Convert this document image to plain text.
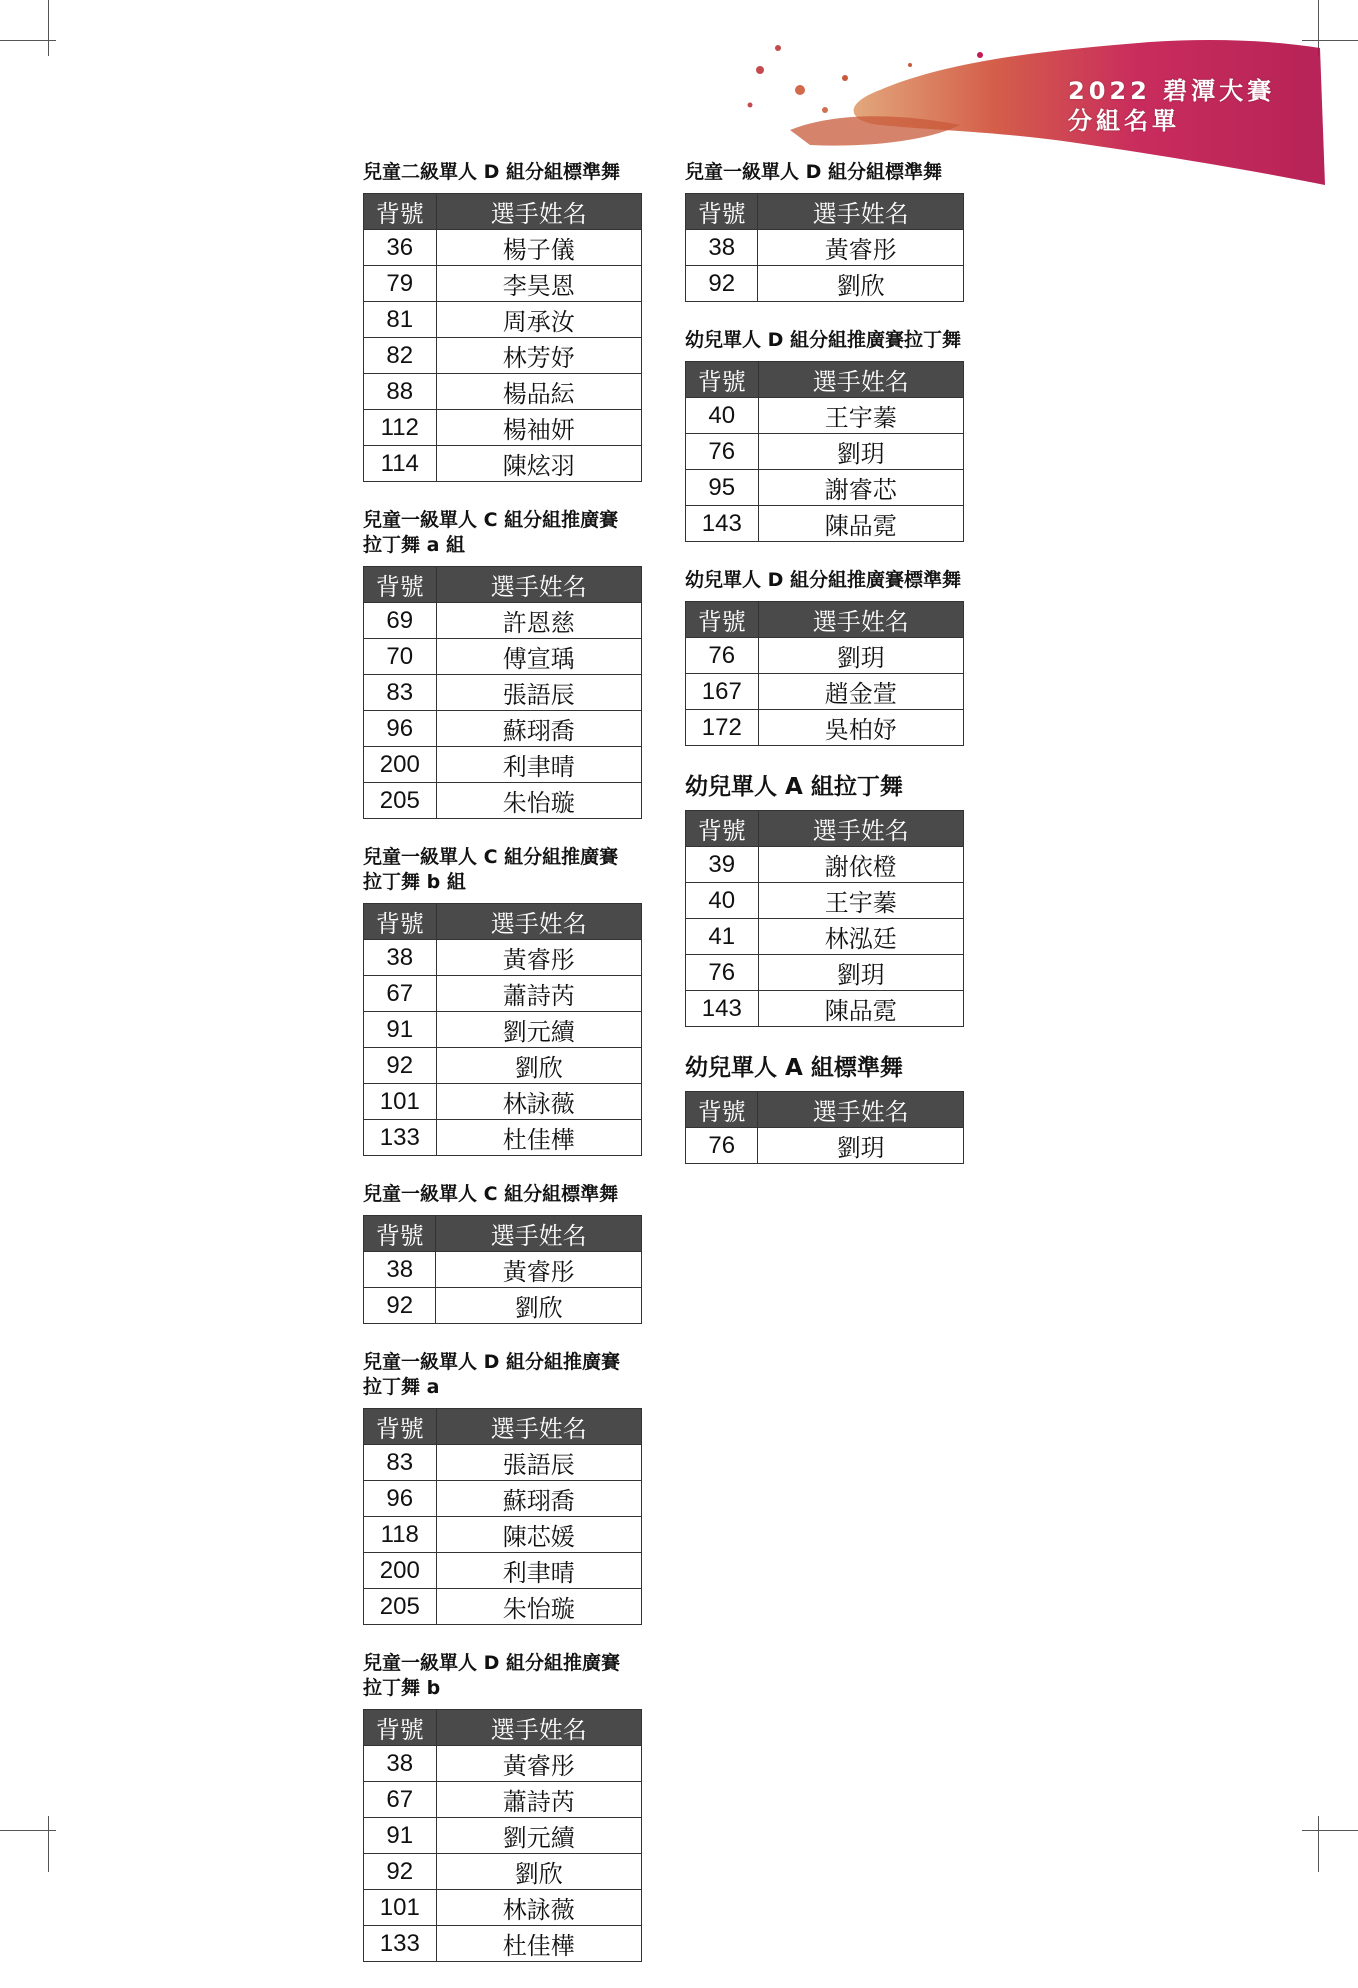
2022 碧潭大賽
分組名單
兒童二級單人 D 組分組標準舞
背號	選手姓名
36	楊子儀
79	李昊恩
81	周承汝
82	林芳妤
88	楊品紜
112	楊袖妍
114	陳炫羽
兒童一級單人 C 組分組推廣賽
拉丁舞 a 組
背號	選手姓名
69	許恩慈
70	傅宣瑀
83	張語辰
96	蘇珝喬
200	利聿晴
205	朱怡璇
兒童一級單人 C 組分組推廣賽
拉丁舞 b 組
背號	選手姓名
38	黃睿彤
67	蕭詩芮
91	劉元續
92	劉欣
101	林詠薇
133	杜佳樺
兒童一級單人 C 組分組標準舞
背號	選手姓名
38	黃睿彤
92	劉欣
兒童一級單人 D 組分組推廣賽
拉丁舞 a
背號	選手姓名
83	張語辰
96	蘇珝喬
118	陳芯媛
200	利聿晴
205	朱怡璇
兒童一級單人 D 組分組推廣賽
拉丁舞 b
背號	選手姓名
38	黃睿彤
67	蕭詩芮
91	劉元續
92	劉欣
101	林詠薇
133	杜佳樺
兒童一級單人 D 組分組標準舞
背號	選手姓名
38	黃睿彤
92	劉欣
幼兒單人 D 組分組推廣賽拉丁舞
背號	選手姓名
40	王宇蓁
76	劉玥
95	謝睿芯
143	陳品霓
幼兒單人 D 組分組推廣賽標準舞
背號	選手姓名
76	劉玥
167	趙金萱
172	吳柏妤
幼兒單人 A 組拉丁舞
背號	選手姓名
39	謝依橙
40	王宇蓁
41	林泓廷
76	劉玥
143	陳品霓
幼兒單人 A 組標準舞
背號	選手姓名
76	劉玥
